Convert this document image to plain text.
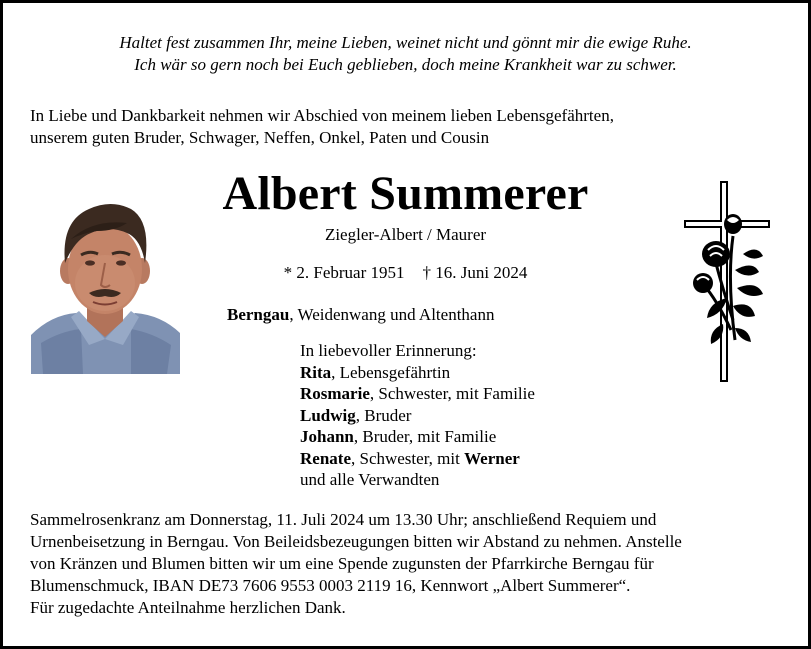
Haltet fest zusammen Ihr, meine Lieben, weinet nicht und gönnt mir die ewige Ruhe.
Ich wär so gern noch bei Euch geblieben, doch meine Krankheit war zu schwer.
In Liebe und Dankbarkeit nehmen wir Abschied von meinem lieben Lebensgefährten,
unserem guten Bruder, Schwager, Neffen, Onkel, Paten und Cousin
Albert Summerer
Ziegler-Albert / Maurer
* 2. Februar 1951 † 16. Juni 2024
Berngau, Weidenwang und Altenthann
In liebevoller Erinnerung:
Rita, Lebensgefährtin
Rosmarie, Schwester, mit Familie
Ludwig, Bruder
Johann, Bruder, mit Familie
Renate, Schwester, mit Werner
und alle Verwandten
Sammelrosenkranz am Donnerstag, 11. Juli 2024 um 13.30 Uhr; anschließend Requiem und
Urnenbeisetzung in Berngau. Von Beileidsbezeugungen bitten wir Abstand zu nehmen. Anstelle
von Kränzen und Blumen bitten wir um eine Spende zugunsten der Pfarrkirche Berngau für
Blumenschmuck, IBAN DE73 7606 9553 0003 2119 16, Kennwort „Albert Summerer“.
Für zugedachte Anteilnahme herzlichen Dank.
